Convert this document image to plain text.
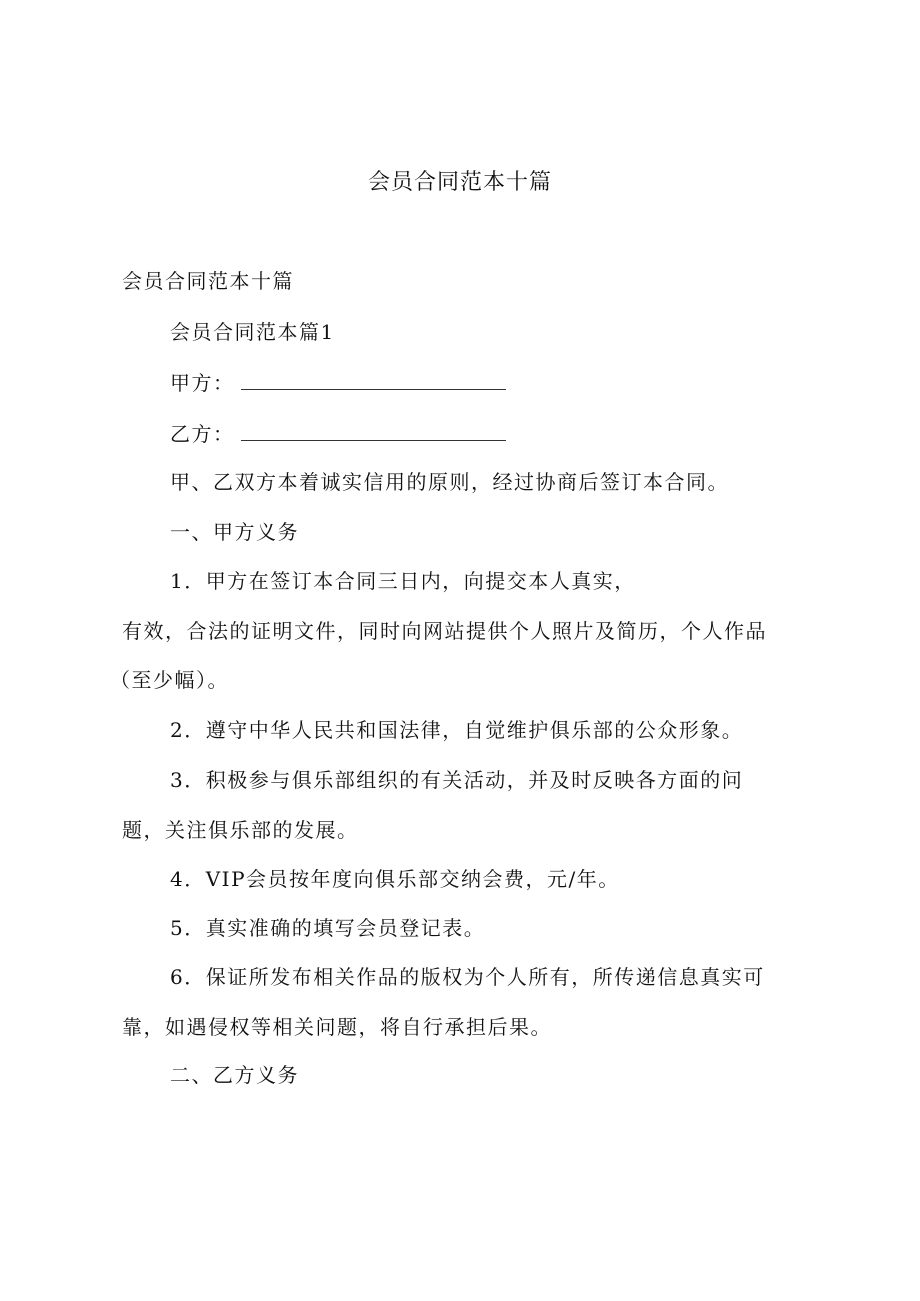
会员合同范本十篇
会员合同范本十篇
会员合同范本篇1
甲方：
乙方：
甲、乙双方本着诚实信用的原则，经过协商后签订本合同。
一、甲方义务
1．甲方在签订本合同三日内，向提交本人真实，
有效，合法的证明文件，同时向网站提供个人照片及简历，个人作品
（至少幅）。
2．遵守中华人民共和国法律，自觉维护俱乐部的公众形象。
3．积极参与俱乐部组织的有关活动，并及时反映各方面的问
题，关注俱乐部的发展。
4．VIP会员按年度向俱乐部交纳会费，元/年。
5．真实准确的填写会员登记表。
6．保证所发布相关作品的版权为个人所有，所传递信息真实可
靠，如遇侵权等相关问题，将自行承担后果。
二、乙方义务
